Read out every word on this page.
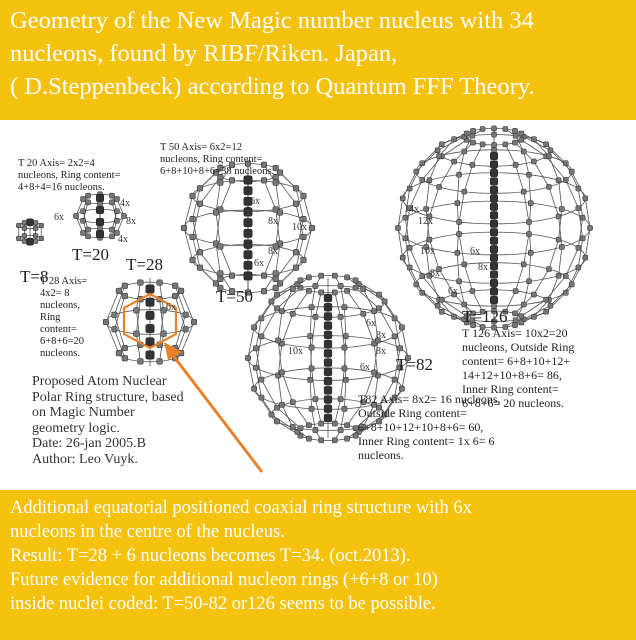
Geometry of the New Magic number nucleus with 34
nucleons, found by RIBF/Riken. Japan,
( D.Steppenbeck) according to Quantum FFF Theory.
T 20 Axis= 2x2=4
nucleons, Ring content=
4+8+4=16 nucleons.
T 50 Axis= 6x2=12
nucleons, Ring content=
6+8+10+8+6=38 nucleons.
T 28 Axis=
4x2= 8
nucleons,
Ring
content=
6+8+6=20
nucleons.
T 126 Axis= 10x2=20
nucleons, Outside Ring
content= 6+8+10+12+
14+12+10+8+6= 86,
Inner Ring content=
6+8+6= 20 nucleons.
T82 Axis= 8x2= 16 nucleons,
Outside Ring content=
6+8+10+12+10+8+6= 60,
Inner Ring content= 1x 6= 6
nucleons.
Proposed Atom Nuclear
Polar Ring structure, based
on Magic Number
geometry logic.
Date: 26-jan 2005.B
Author: Leo Vuyk.
T=8
T=20
T=28
T=50
T=82
T=126
6x
4x
8x
4x
6x
8x
10x
8x
6x
6x
6x
8x
8x
10x
6x
14x
12x
10x	6x
8x
8x
6x
Additional equatorial positioned coaxial ring structure with 6x
nucleons in the centre of the nucleus.
Result: T=28 + 6 nucleons becomes T=34. (oct.2013).
Future evidence for additional nucleon rings (+6+8 or 10)
inside nuclei coded: T=50-82 or126 seems to be possible.
